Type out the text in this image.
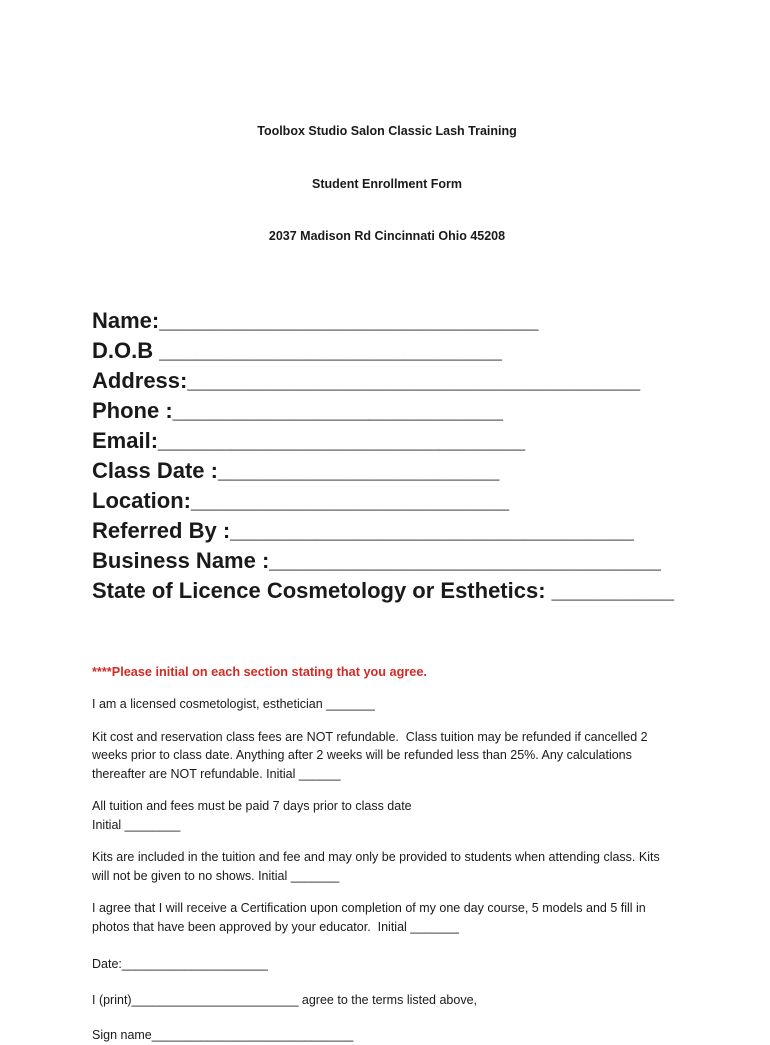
Toolbox Studio Salon Classic Lash Training

Student Enrollment Form

2037 Madison Rd Cincinnati Ohio 45208

Name:_______________________________
D.O.B ____________________________
Address:_____________________________________
Phone :___________________________
Email:______________________________
Class Date :_______________________
Location:__________________________
Referred By :_________________________________
Business Name :________________________________
State of Licence Cosmetology or Esthetics: __________
****Please initial on each section stating that you agree.
I am a licensed cosmetologist, esthetician _______
Kit cost and reservation class fees are NOT refundable.  Class tuition may be refunded if cancelled 2
weeks prior to class date. Anything after 2 weeks will be refunded less than 25%. Any calculations
thereafter are NOT refundable. Initial ______
All tuition and fees must be paid 7 days prior to class date
Initial ________
Kits are included in the tuition and fee and may only be provided to students when attending class. Kits
will not be given to no shows. Initial _______
I agree that I will receive a Certification upon completion of my one day course, 5 models and 5 fill in
photos that have been approved by your educator.  Initial _______
Date:_____________________
I (print)________________________ agree to the terms listed above,
Sign name_____________________________
